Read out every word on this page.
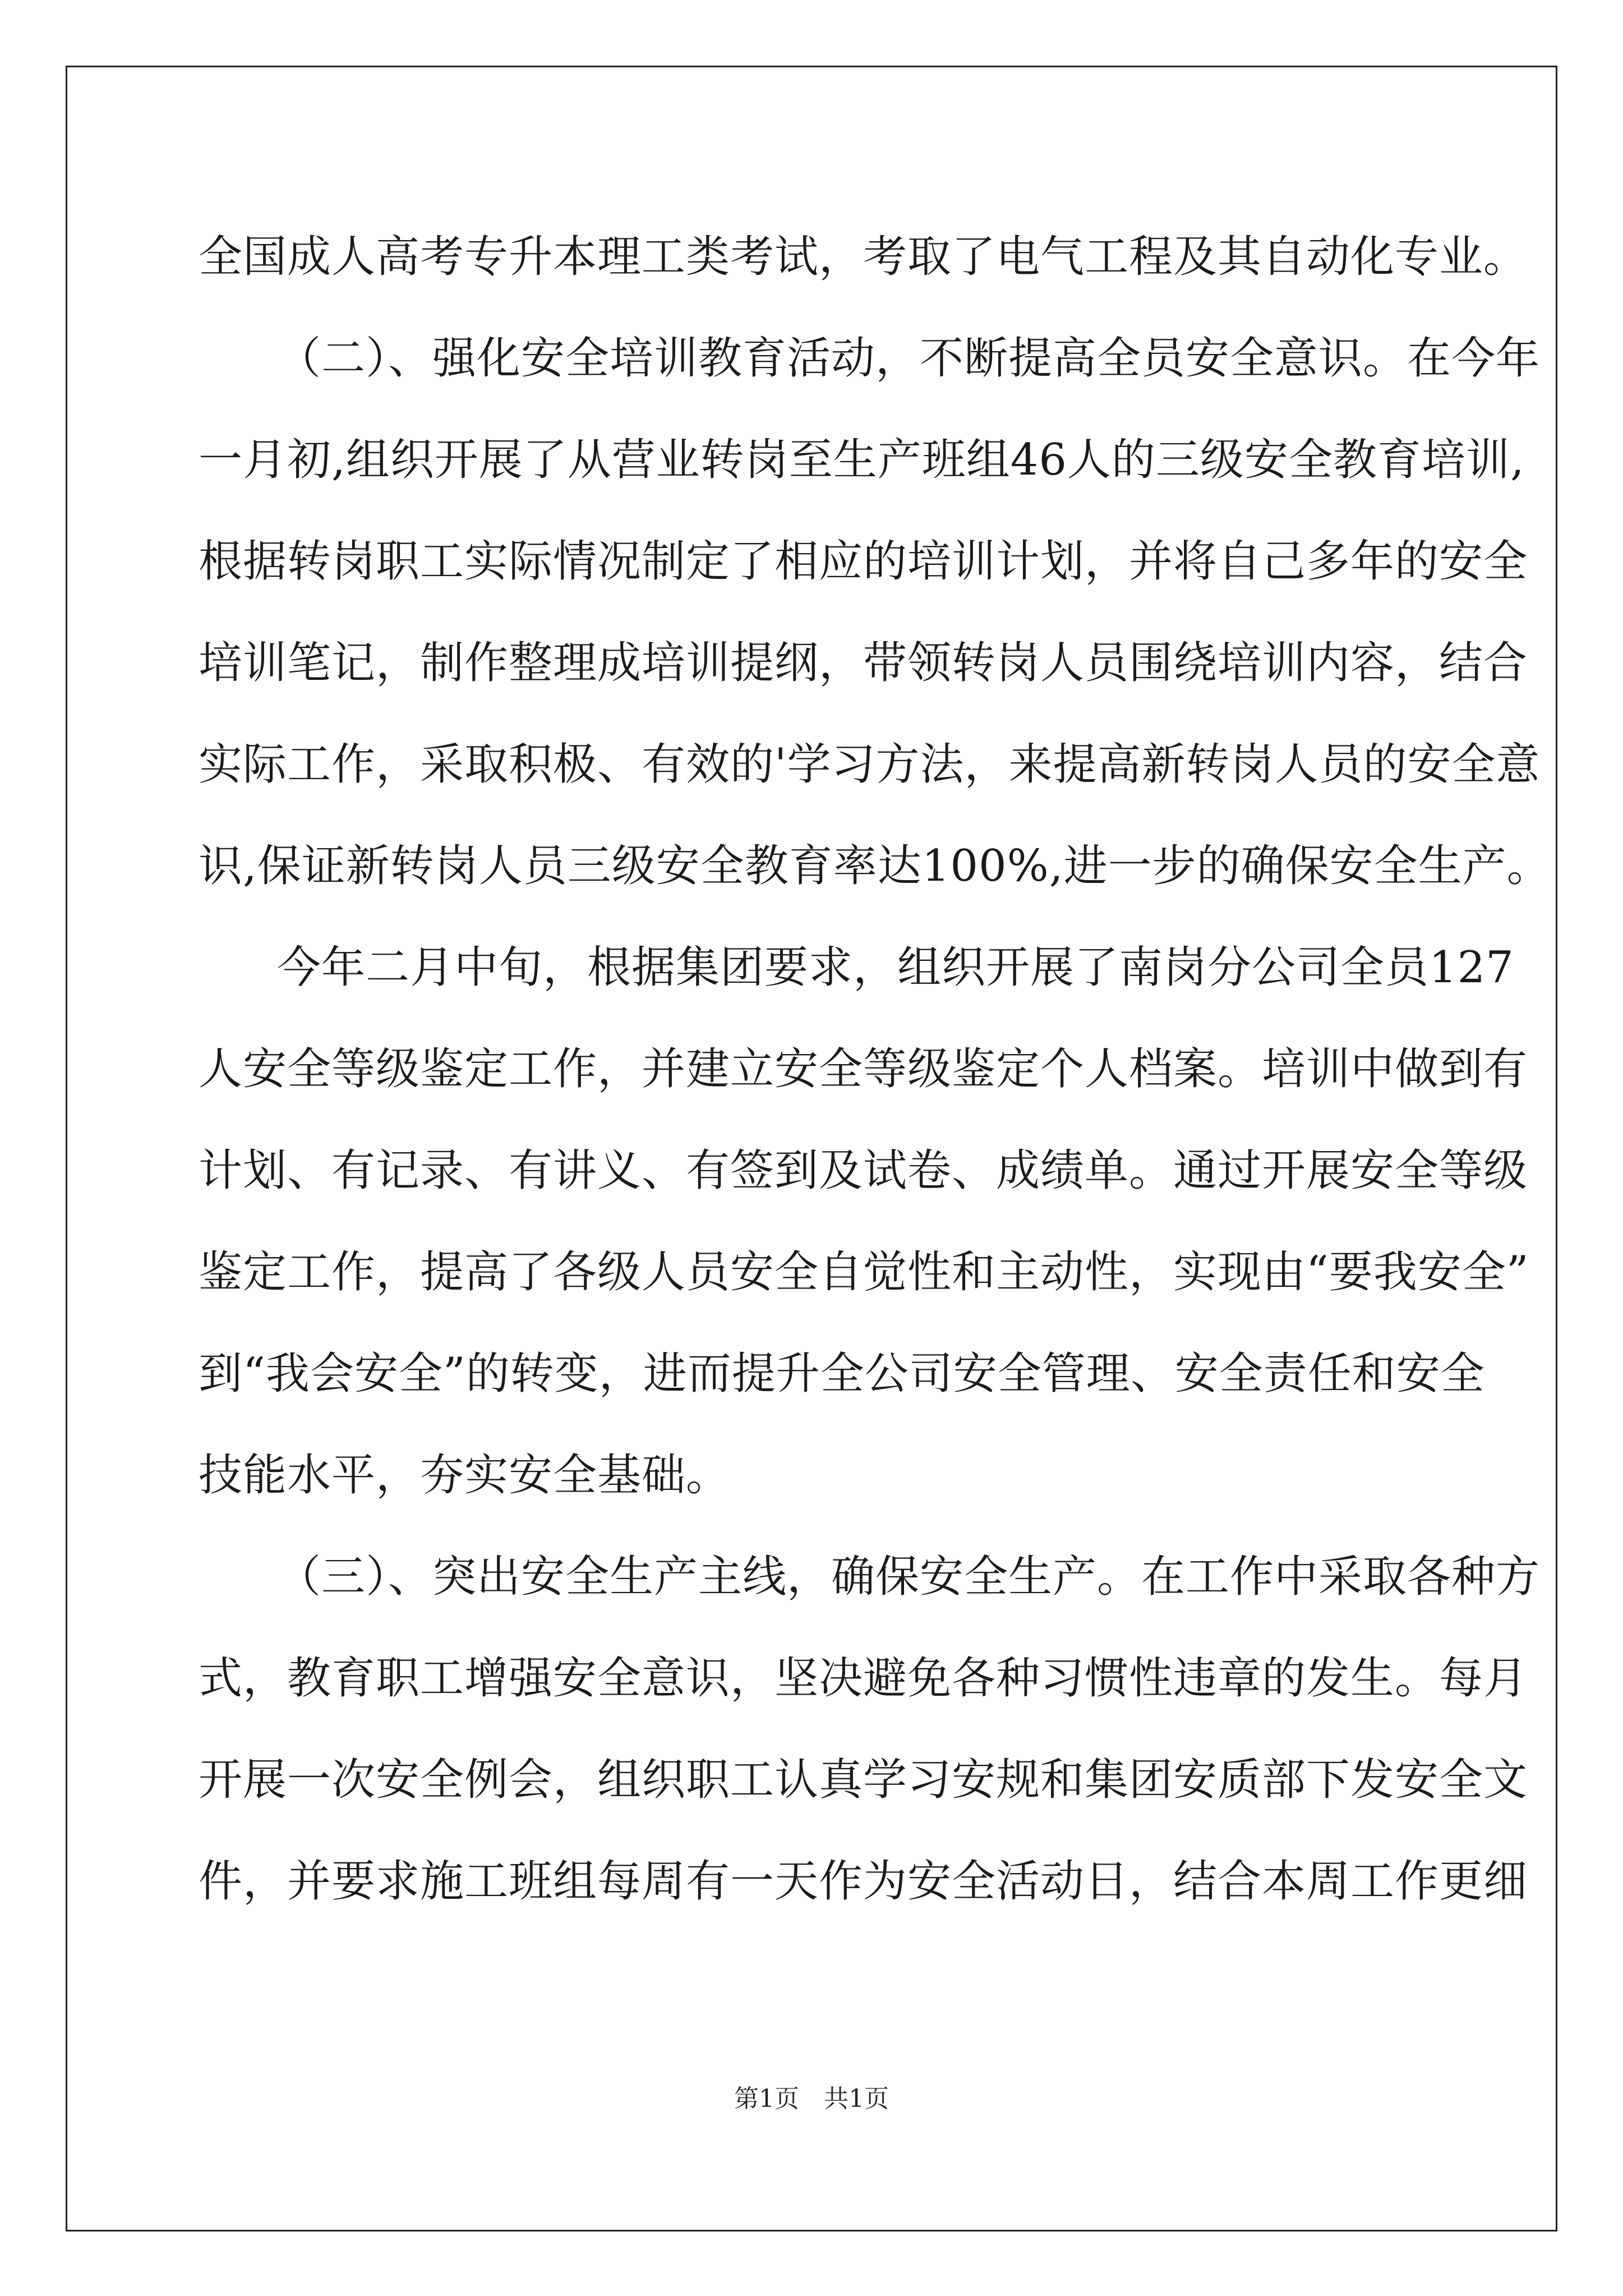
全国成人高考专升本理工类考试，考取了电气工程及其自动化专业。
（二）、强化安全培训教育活动，不断提高全员安全意识。在今年
一月初,组织开展了从营业转岗至生产班组46人的三级安全教育培训,
根据转岗职工实际情况制定了相应的培训计划，并将自己多年的安全
培训笔记，制作整理成培训提纲，带领转岗人员围绕培训内容，结合
实际工作，采取积极、有效的'学习方法，来提高新转岗人员的安全意
识,保证新转岗人员三级安全教育率达100%,进一步的确保安全生产。
今年二月中旬，根据集团要求，组织开展了南岗分公司全员127
人安全等级鉴定工作，并建立安全等级鉴定个人档案。培训中做到有
计划、有记录、有讲义、有签到及试卷、成绩单。通过开展安全等级
鉴定工作，提高了各级人员安全自觉性和主动性，实现由“要我安全”
到“我会安全”的转变，进而提升全公司安全管理、安全责任和安全
技能水平，夯实安全基础。
（三）、突出安全生产主线，确保安全生产。在工作中采取各种方
式，教育职工增强安全意识，坚决避免各种习惯性违章的发生。每月
开展一次安全例会，组织职工认真学习安规和集团安质部下发安全文
件，并要求施工班组每周有一天作为安全活动日，结合本周工作更细
第1页 共1页
